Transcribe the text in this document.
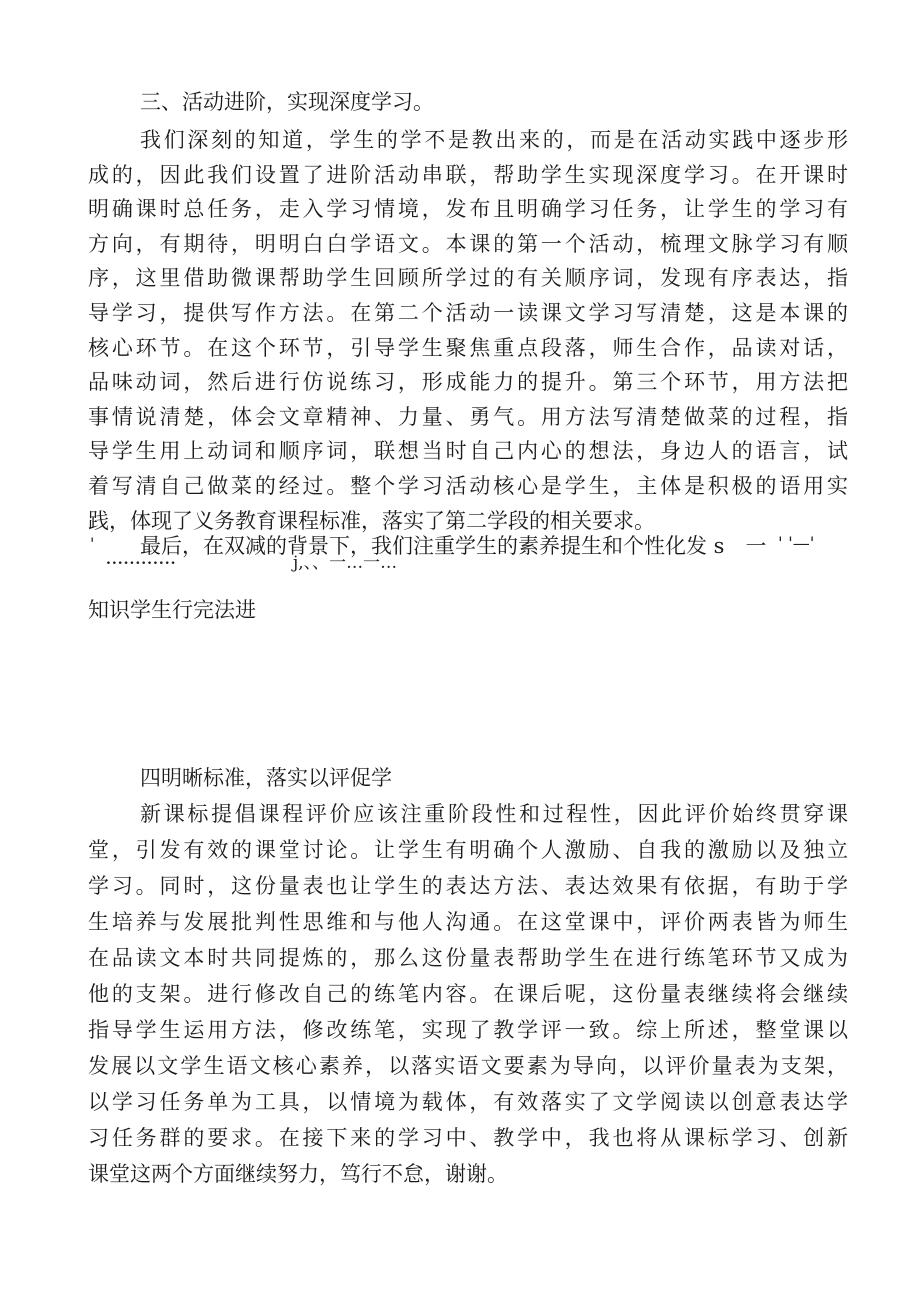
三、活动进阶，实现深度学习。
我们深刻的知道，学生的学不是教出来的，而是在活动实践中逐步形
成的，因此我们设置了进阶活动串联，帮助学生实现深度学习。在开课时
明确课时总任务，走入学习情境，发布且明确学习任务，让学生的学习有
方向，有期待，明明白白学语文。本课的第一个活动，梳理文脉学习有顺
序，这里借助微课帮助学生回顾所学过的有关顺序词，发现有序表达，指
导学习，提供写作方法。在第二个活动一读课文学习写清楚，这是本课的
核心环节。在这个环节，引导学生聚焦重点段落，师生合作，品读对话，
品味动词，然后进行仿说练习，形成能力的提升。第三个环节，用方法把
事情说清楚，体会文章精神、力量、勇气。用方法写清楚做菜的过程，指
导学生用上动词和顺序词，联想当时自己内心的想法，身边人的语言，试
着写清自己做菜的经过。整个学习活动核心是学生，主体是积极的语用实
践，体现了义务教育课程标准，落实了第二学段的相关要求。
最后，在双减的背景下，我们注重学生的素养提生和个性化发 s　一
'
............	j,、、一…一…
' '—'
知识学生行完法进
四明晰标准，落实以评促学
新课标提倡课程评价应该注重阶段性和过程性，因此评价始终贯穿课
堂，引发有效的课堂讨论。让学生有明确个人激励、自我的激励以及独立
学习。同时，这份量表也让学生的表达方法、表达效果有依据，有助于学
生培养与发展批判性思维和与他人沟通。在这堂课中，评价两表皆为师生
在品读文本时共同提炼的，那么这份量表帮助学生在进行练笔环节又成为
他的支架。进行修改自己的练笔内容。在课后呢，这份量表继续将会继续
指导学生运用方法，修改练笔，实现了教学评一致。综上所述，整堂课以
发展以文学生语文核心素养，以落实语文要素为导向，以评价量表为支架，
以学习任务单为工具，以情境为载体，有效落实了文学阅读以创意表达学
习任务群的要求。在接下来的学习中、教学中，我也将从课标学习、创新
课堂这两个方面继续努力，笃行不怠，谢谢。
